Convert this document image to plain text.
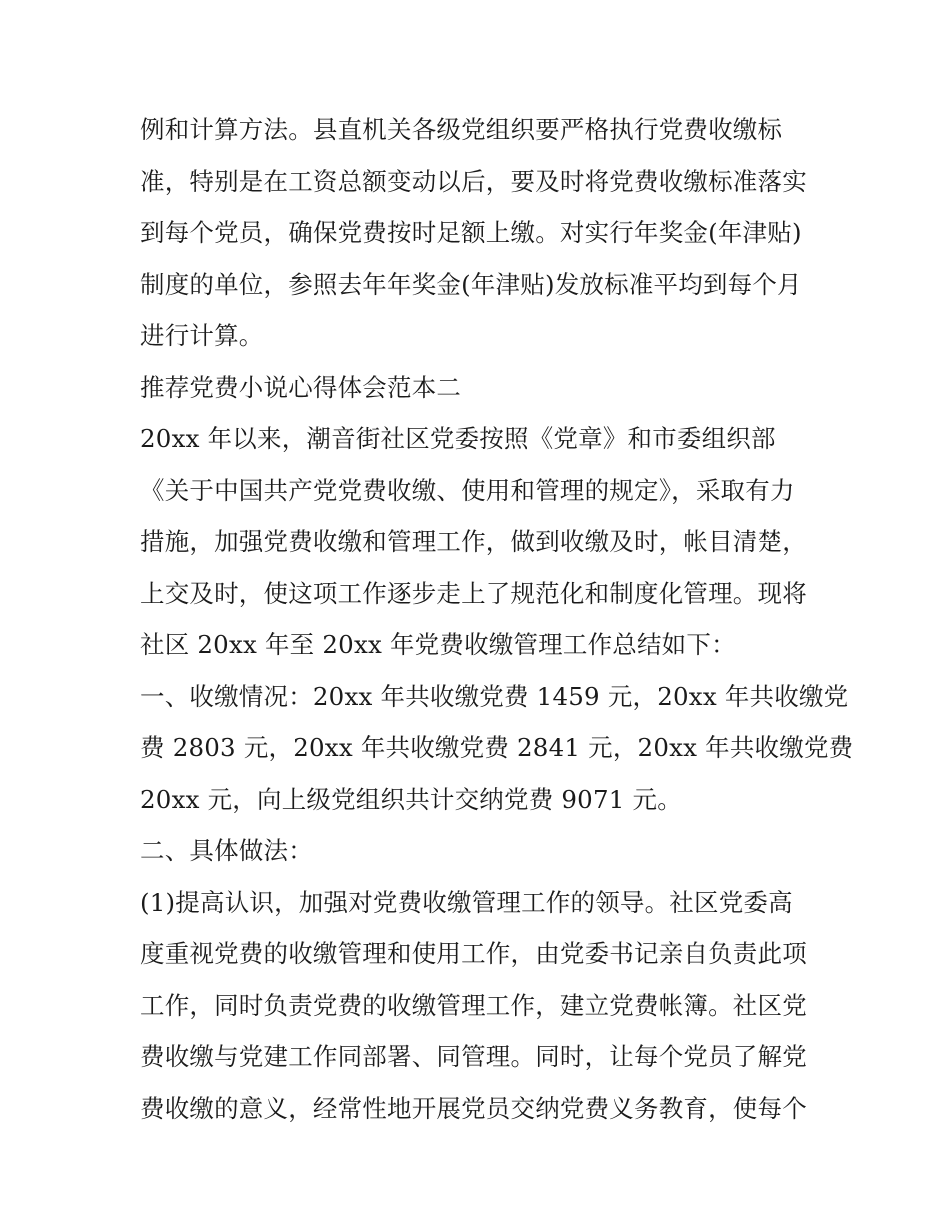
例和计算方法。县直机关各级党组织要严格执行党费收缴标
准，特别是在工资总额变动以后，要及时将党费收缴标准落实
到每个党员，确保党费按时足额上缴。对实行年奖金(年津贴)
制度的单位，参照去年年奖金(年津贴)发放标准平均到每个月
进行计算。
推荐党费小说心得体会范本二
20xx 年以来，潮音街社区党委按照《党章》和市委组织部
《关于中国共产党党费收缴、使用和管理的规定》，采取有力
措施，加强党费收缴和管理工作，做到收缴及时，帐目清楚，
上交及时，使这项工作逐步走上了规范化和制度化管理。现将
社区 20xx 年至 20xx 年党费收缴管理工作总结如下：
一、收缴情况：20xx 年共收缴党费 1459 元，20xx 年共收缴党
费 2803 元，20xx 年共收缴党费 2841 元，20xx 年共收缴党费
20xx 元，向上级党组织共计交纳党费 9071 元。
二、具体做法：
(1)提高认识，加强对党费收缴管理工作的领导。社区党委高
度重视党费的收缴管理和使用工作，由党委书记亲自负责此项
工作，同时负责党费的收缴管理工作，建立党费帐簿。社区党
费收缴与党建工作同部署、同管理。同时，让每个党员了解党
费收缴的意义，经常性地开展党员交纳党费义务教育，使每个
